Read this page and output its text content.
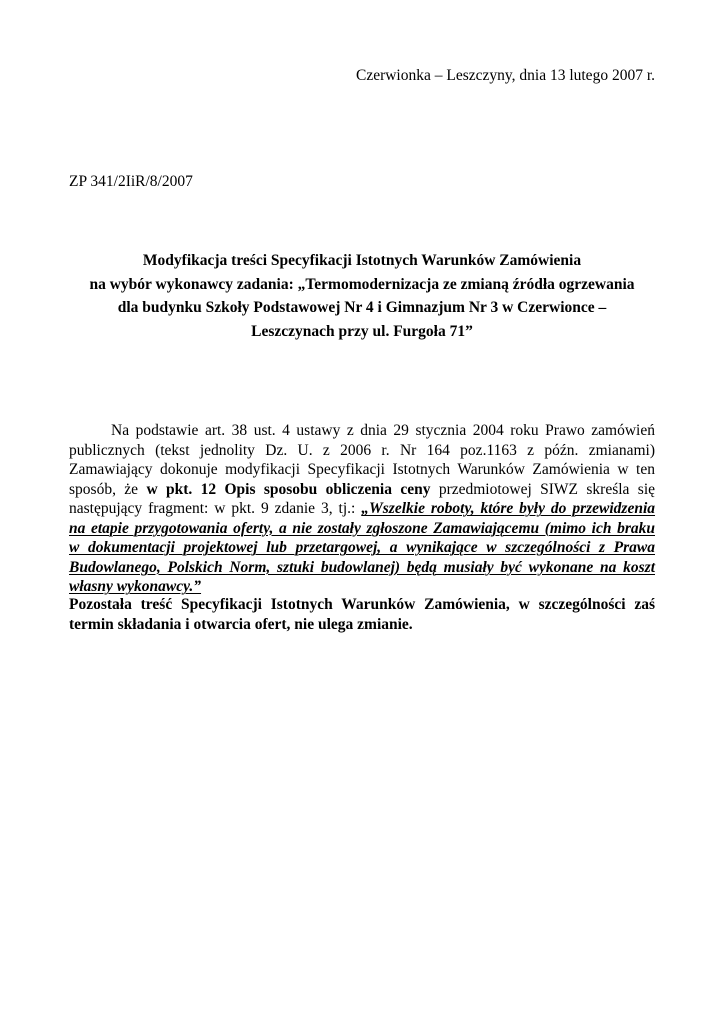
Czerwionka – Leszczyny, dnia 13 lutego 2007 r.
ZP 341/2IiR/8/2007
Modyfikacja treści Specyfikacji Istotnych Warunków Zamówienia
na wybór wykonawcy zadania: „Termomodernizacja ze zmianą źródła ogrzewania
dla budynku Szkoły Podstawowej Nr 4 i Gimnazjum Nr 3 w Czerwionce –
Leszczynach przy ul. Furgoła 71”
Na podstawie art. 38 ust. 4 ustawy z dnia 29 stycznia 2004 roku Prawo zamówień
publicznych (tekst jednolity Dz. U. z 2006 r. Nr 164 poz.1163 z późn. zmianami)
Zamawiający dokonuje modyfikacji Specyfikacji Istotnych Warunków Zamówienia w ten
sposób, że w pkt. 12 Opis sposobu obliczenia ceny przedmiotowej SIWZ skreśla się
następujący fragment: w pkt. 9 zdanie 3, tj.: „Wszelkie roboty, które były do przewidzenia
na etapie przygotowania oferty, a nie zostały zgłoszone Zamawiającemu (mimo ich braku
w dokumentacji projektowej lub przetargowej, a wynikające w szczególności z Prawa
Budowlanego, Polskich Norm, sztuki budowlanej) będą musiały być wykonane na koszt
własny wykonawcy.”
Pozostała treść Specyfikacji Istotnych Warunków Zamówienia, w szczególności zaś
termin składania i otwarcia ofert, nie ulega zmianie.
